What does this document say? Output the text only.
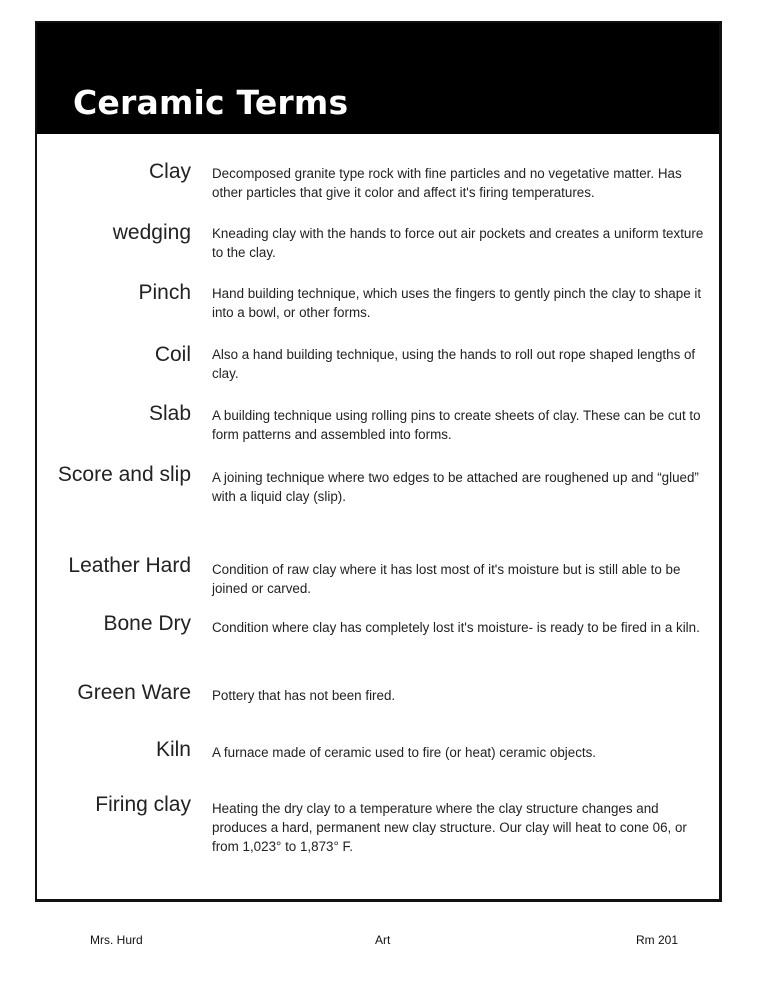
Ceramic Terms
Clay Decomposed granite type rock with fine particles and no vegetative matter. Has other particles that give it color and affect it's firing temperatures.
wedging Kneading clay with the hands to force out air pockets and creates a uniform texture to the clay.
Pinch Hand building technique, which uses the fingers to gently pinch the clay to shape it into a bowl, or other forms.
Coil Also a hand building technique, using the hands to roll out rope shaped lengths of clay.
Slab A building technique using rolling pins to create sheets of clay. These can be cut to form patterns and assembled into forms.
Score and slip A joining technique where two edges to be attached are roughened up and “glued” with a liquid clay (slip).
Leather Hard Condition of raw clay where it has lost most of it's moisture but is still able to be joined or carved.
Bone Dry Condition where clay has completely lost it's moisture- is ready to be fired in a kiln.
Green Ware Pottery that has not been fired.
Kiln A furnace made of ceramic used to fire (or heat) ceramic objects.
Firing clay Heating the dry clay to a temperature where the clay structure changes and produces a hard, permanent new clay structure. Our clay will heat to cone 06, or from 1,023° to 1,873° F.
Mrs. Hurd	Art	Rm 201
